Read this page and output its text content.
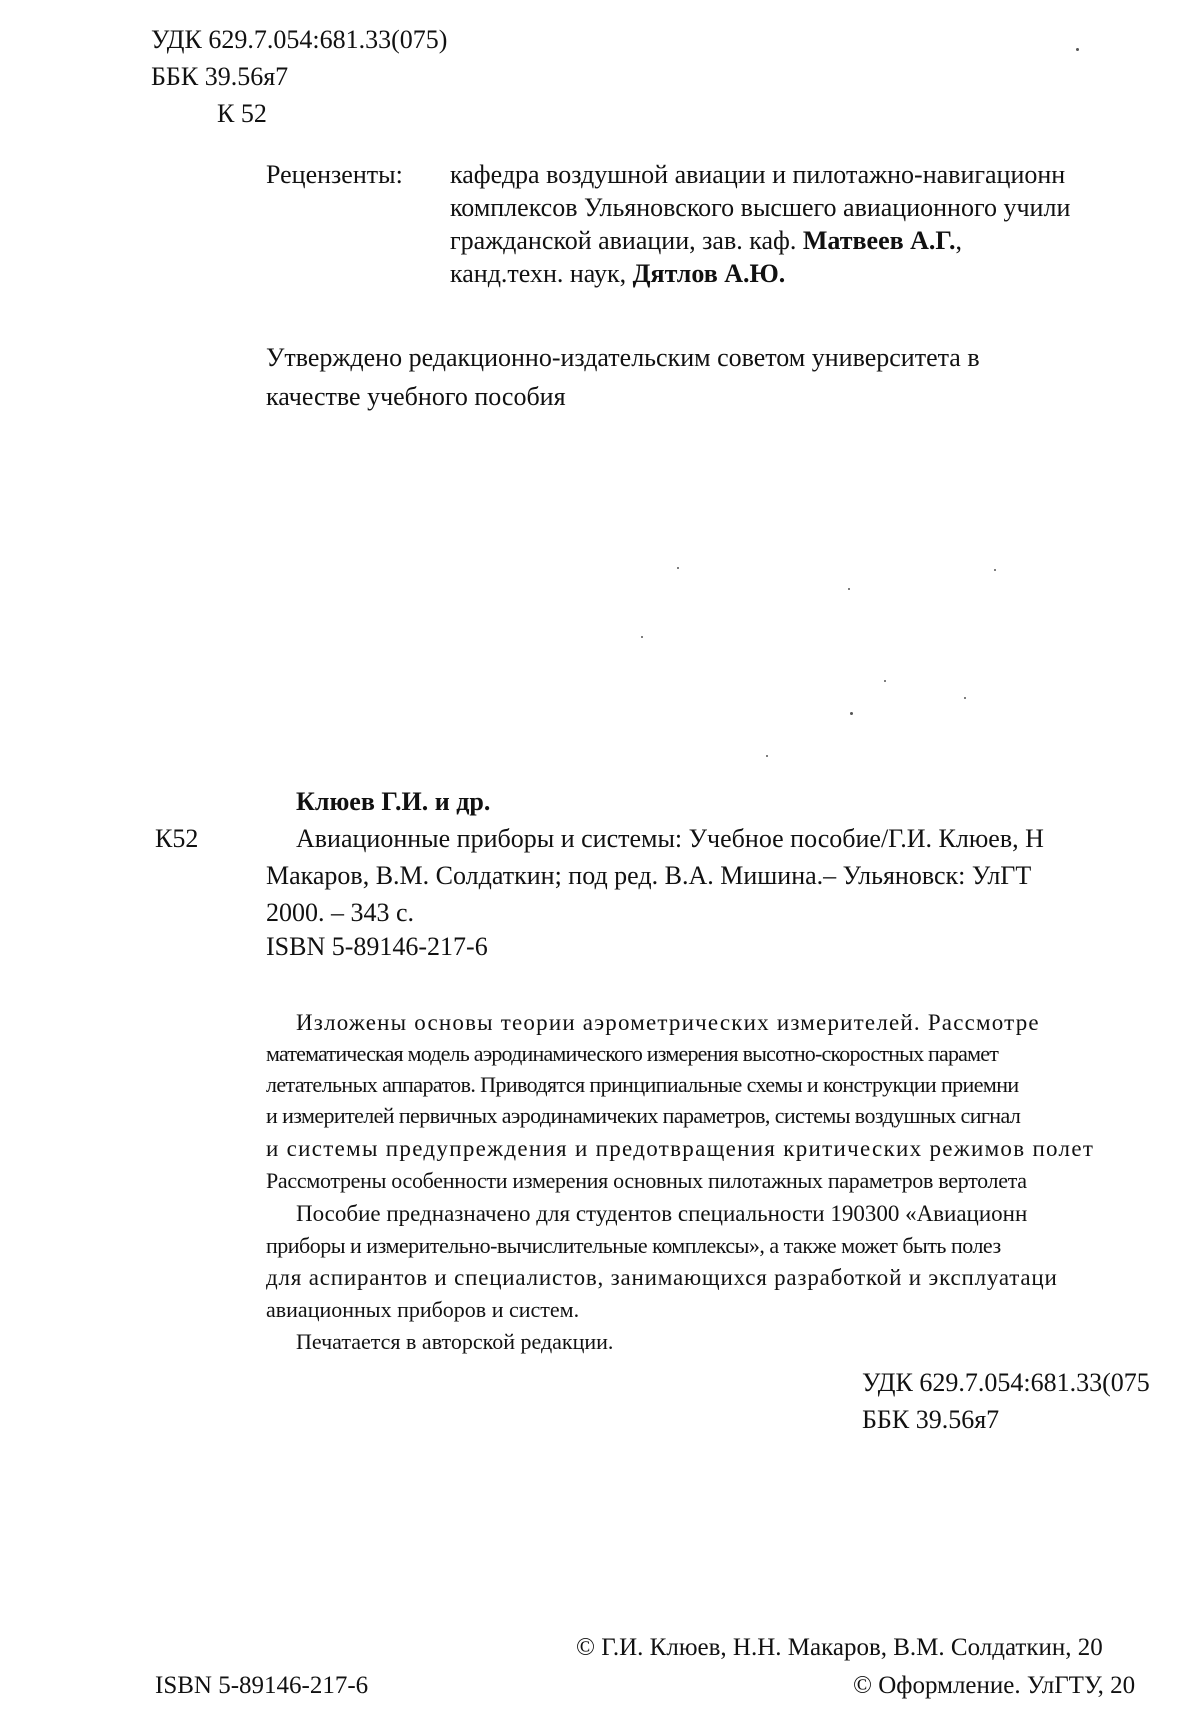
УДК 629.7.054:681.33(075)
ББК 39.56я7
К 52
Рецензенты: кафедра воздушной авиации и пилотажно-навигационн
комплексов Ульяновского высшего авиационного учили
гражданской авиации, зав. каф. Матвеев А.Г.,
канд.техн. наук, Дятлов А.Ю.
Утверждено редакционно-издательским советом университета в
качестве учебного пособия
Клюев Г.И. и др.
К52	Авиационные приборы и системы: Учебное пособие/Г.И. Клюев, Н
Макаров, В.М. Солдаткин; под ред. В.А. Мишина.– Ульяновск: УлГТ
2000. – 343 с.
ISBN 5-89146-217-6
Изложены основы теории аэрометрических измерителей. Рассмотре
математическая модель аэродинамического измерения высотно-скоростных парамет
летательных аппаратов. Приводятся принципиальные схемы и конструкции приемни
и измерителей первичных аэродинамичеких параметров, системы воздушных сигнал
и системы предупреждения и предотвращения критических режимов полет
Рассмотрены особенности измерения основных пилотажных параметров вертолета
Пособие предназначено для студентов специальности 190300 «Авиационн
приборы и измерительно-вычислительные комплексы», а также может быть полез
для аспирантов и специалистов, занимающихся разработкой и эксплуатаци
авиационных приборов и систем.
Печатается в авторской редакции.
УДК 629.7.054:681.33(075
ББК 39.56я7
© Г.И. Клюев, Н.Н. Макаров, В.М. Солдаткин, 20
ISBN 5-89146-217-6	© Оформление. УлГТУ, 20
